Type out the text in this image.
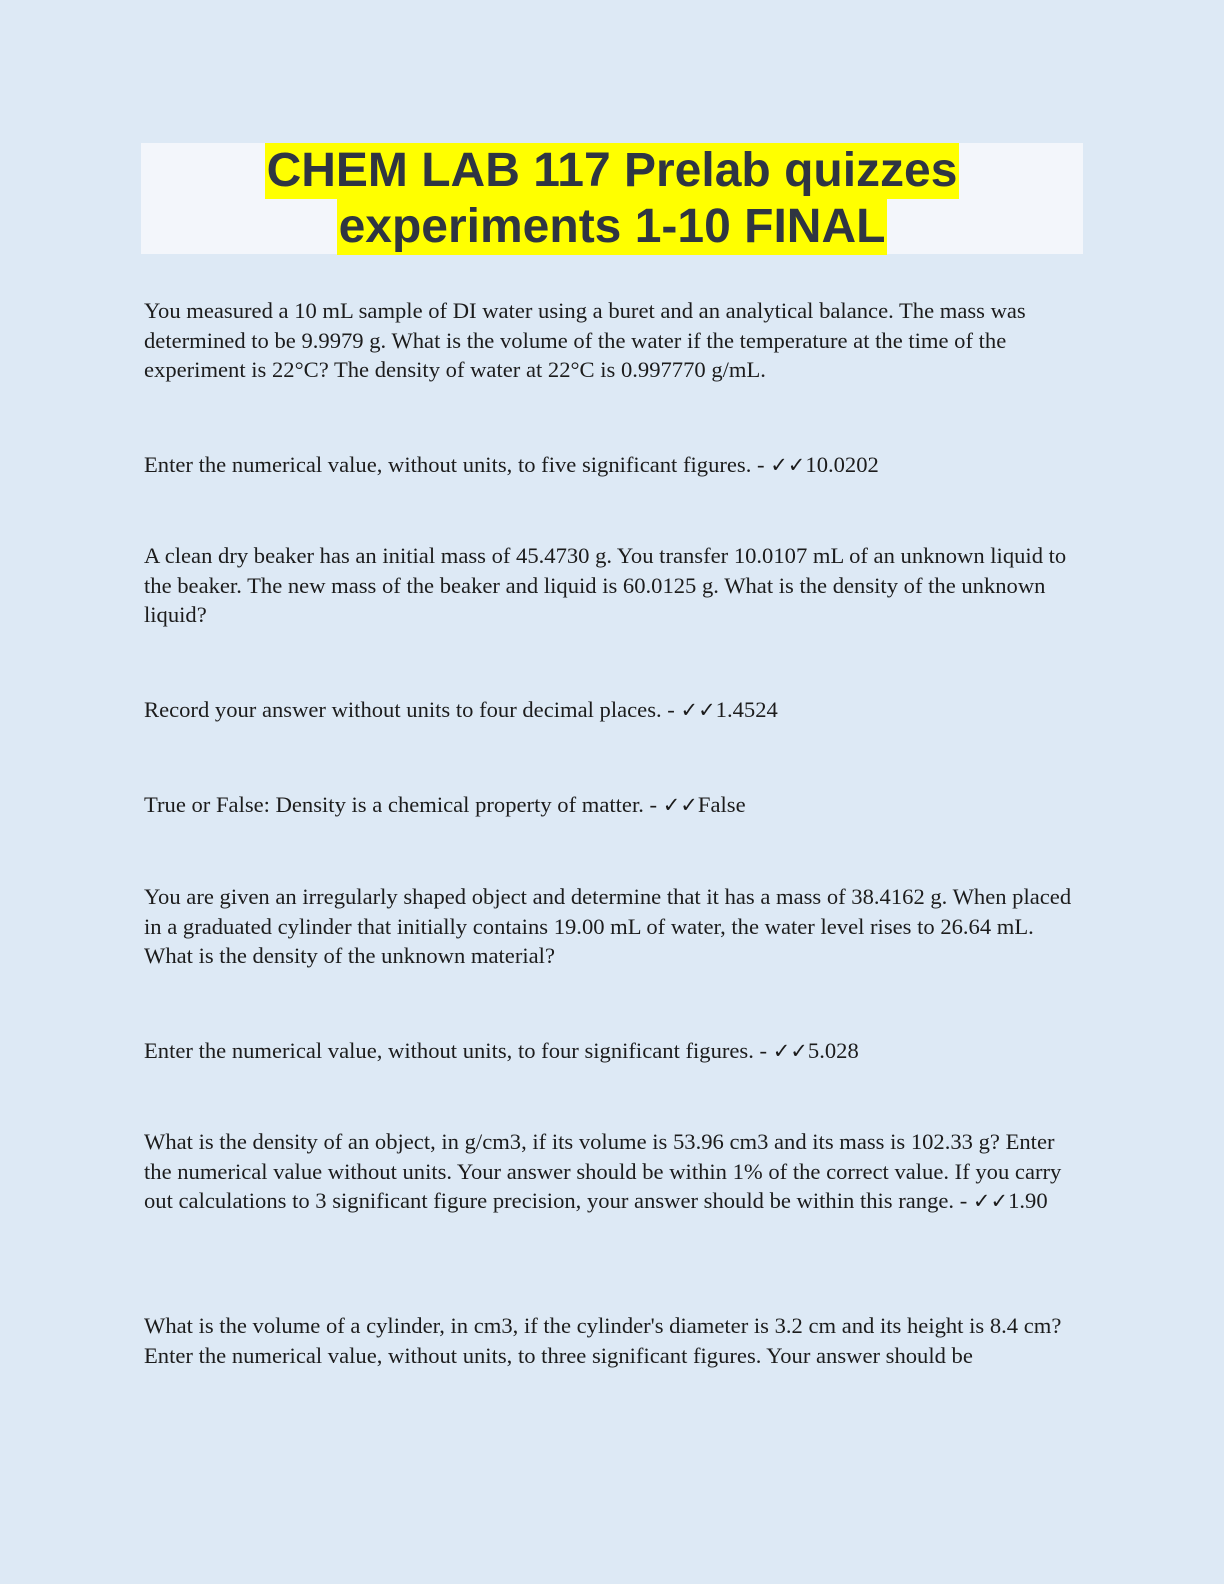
CHEM LAB 117 Prelab quizzes
experiments 1-10 FINAL

You measured a 10 mL sample of DI water using a buret and an analytical balance. The mass was determined to be 9.9979 g. What is the volume of the water if the temperature at the time of the experiment is 22°C? The density of water at 22°C is 0.997770 g/mL.

Enter the numerical value, without units, to five significant figures. - ✓✓10.0202

A clean dry beaker has an initial mass of 45.4730 g. You transfer 10.0107 mL of an unknown liquid to the beaker. The new mass of the beaker and liquid is 60.0125 g. What is the density of the unknown liquid?

Record your answer without units to four decimal places. - ✓✓1.4524

True or False: Density is a chemical property of matter. - ✓✓False

You are given an irregularly shaped object and determine that it has a mass of 38.4162 g. When placed in a graduated cylinder that initially contains 19.00 mL of water, the water level rises to 26.64 mL. What is the density of the unknown material?

Enter the numerical value, without units, to four significant figures. - ✓✓5.028

What is the density of an object, in g/cm3, if its volume is 53.96 cm3 and its mass is 102.33 g? Enter the numerical value without units. Your answer should be within 1% of the correct value. If you carry out calculations to 3 significant figure precision, your answer should be within this range. - ✓✓1.90

What is the volume of a cylinder, in cm3, if the cylinder's diameter is 3.2 cm and its height is 8.4 cm? Enter the numerical value, without units, to three significant figures. Your answer should be
